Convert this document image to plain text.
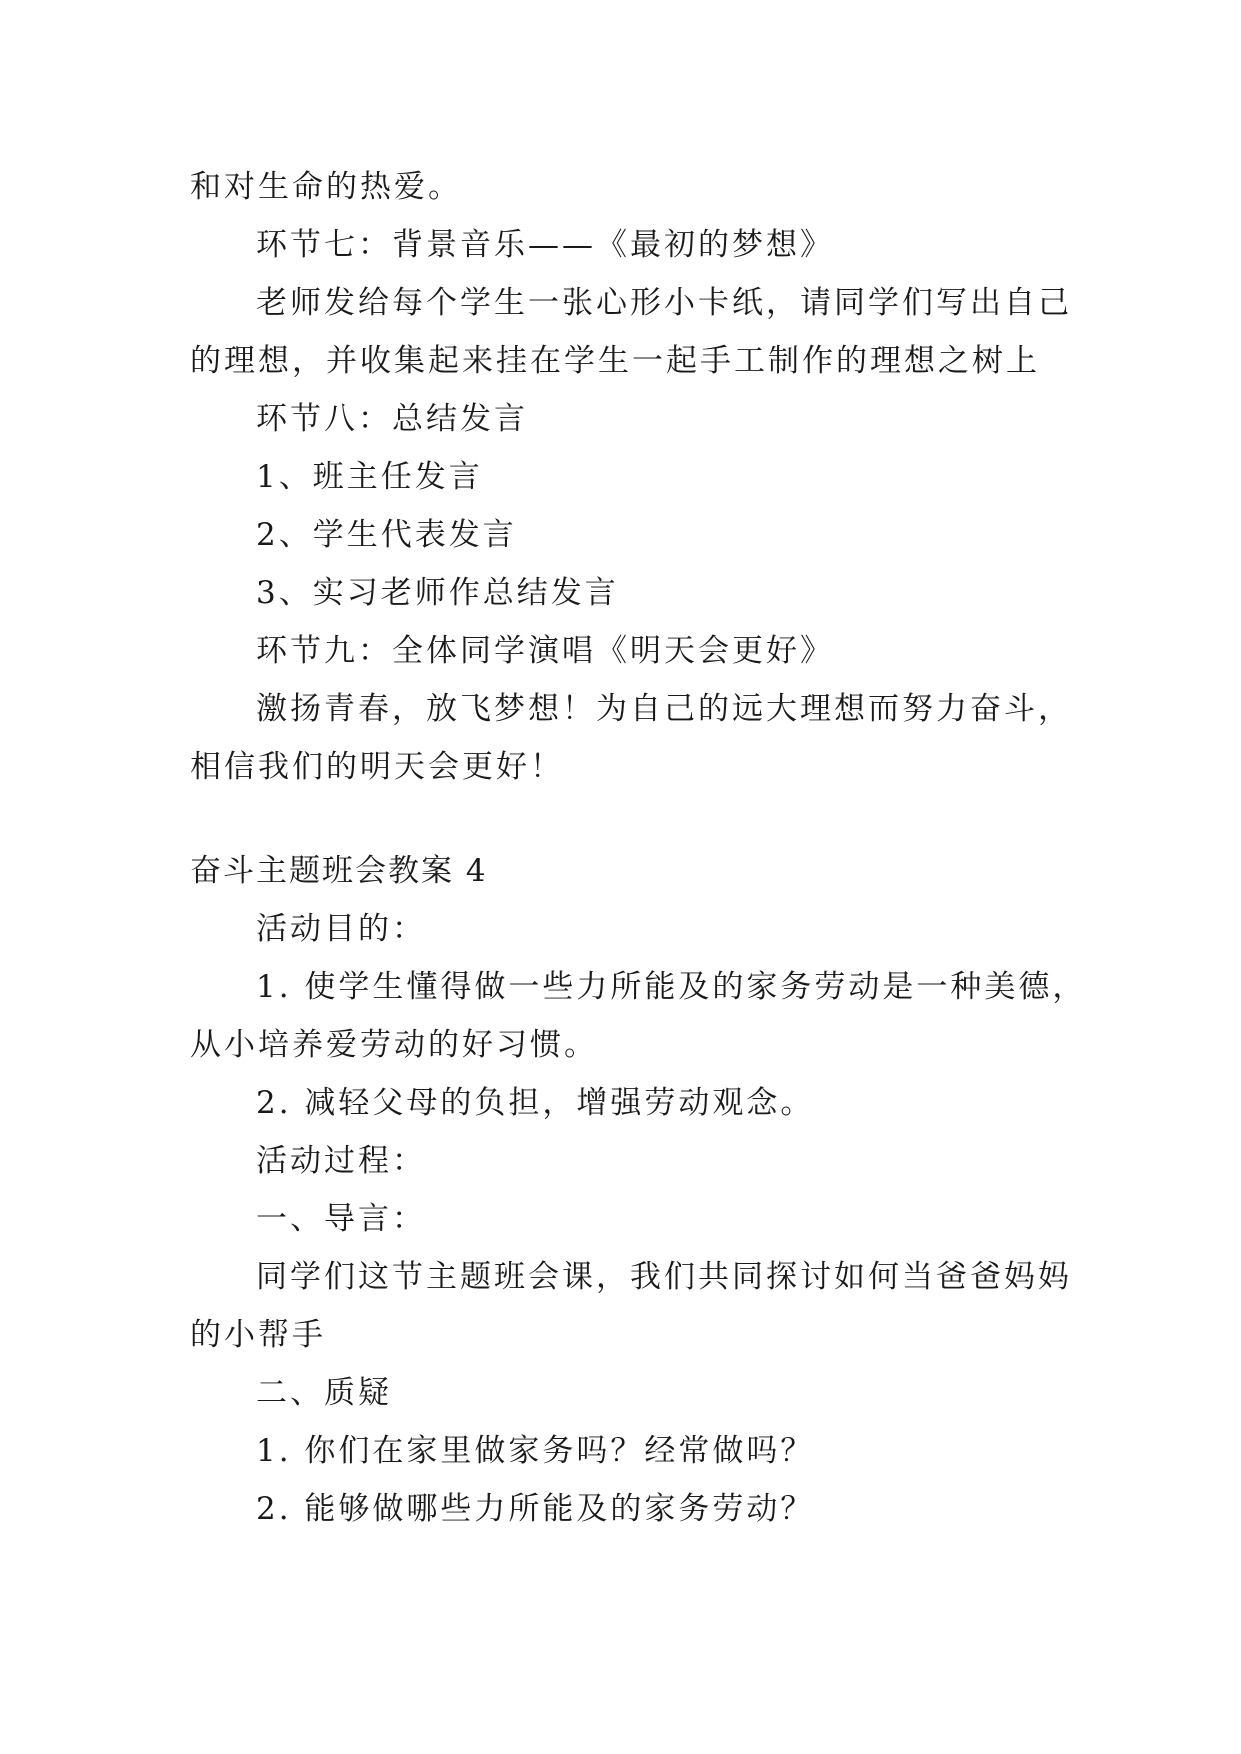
和对生命的热爱。
环节七：背景音乐——《最初的梦想》
老师发给每个学生一张心形小卡纸，请同学们写出自己
的理想，并收集起来挂在学生一起手工制作的理想之树上
环节八：总结发言
1、班主任发言
2、学生代表发言
3、实习老师作总结发言
环节九：全体同学演唱《明天会更好》
激扬青春，放飞梦想！为自己的远大理想而努力奋斗，
相信我们的明天会更好！
奋斗主题班会教案 4
活动目的：
1. 使学生懂得做一些力所能及的家务劳动是一种美德，
从小培养爱劳动的好习惯。
2. 减轻父母的负担，增强劳动观念。
活动过程：
一、导言：
同学们这节主题班会课，我们共同探讨如何当爸爸妈妈
的小帮手
二、质疑
1. 你们在家里做家务吗？经常做吗？
2. 能够做哪些力所能及的家务劳动？
